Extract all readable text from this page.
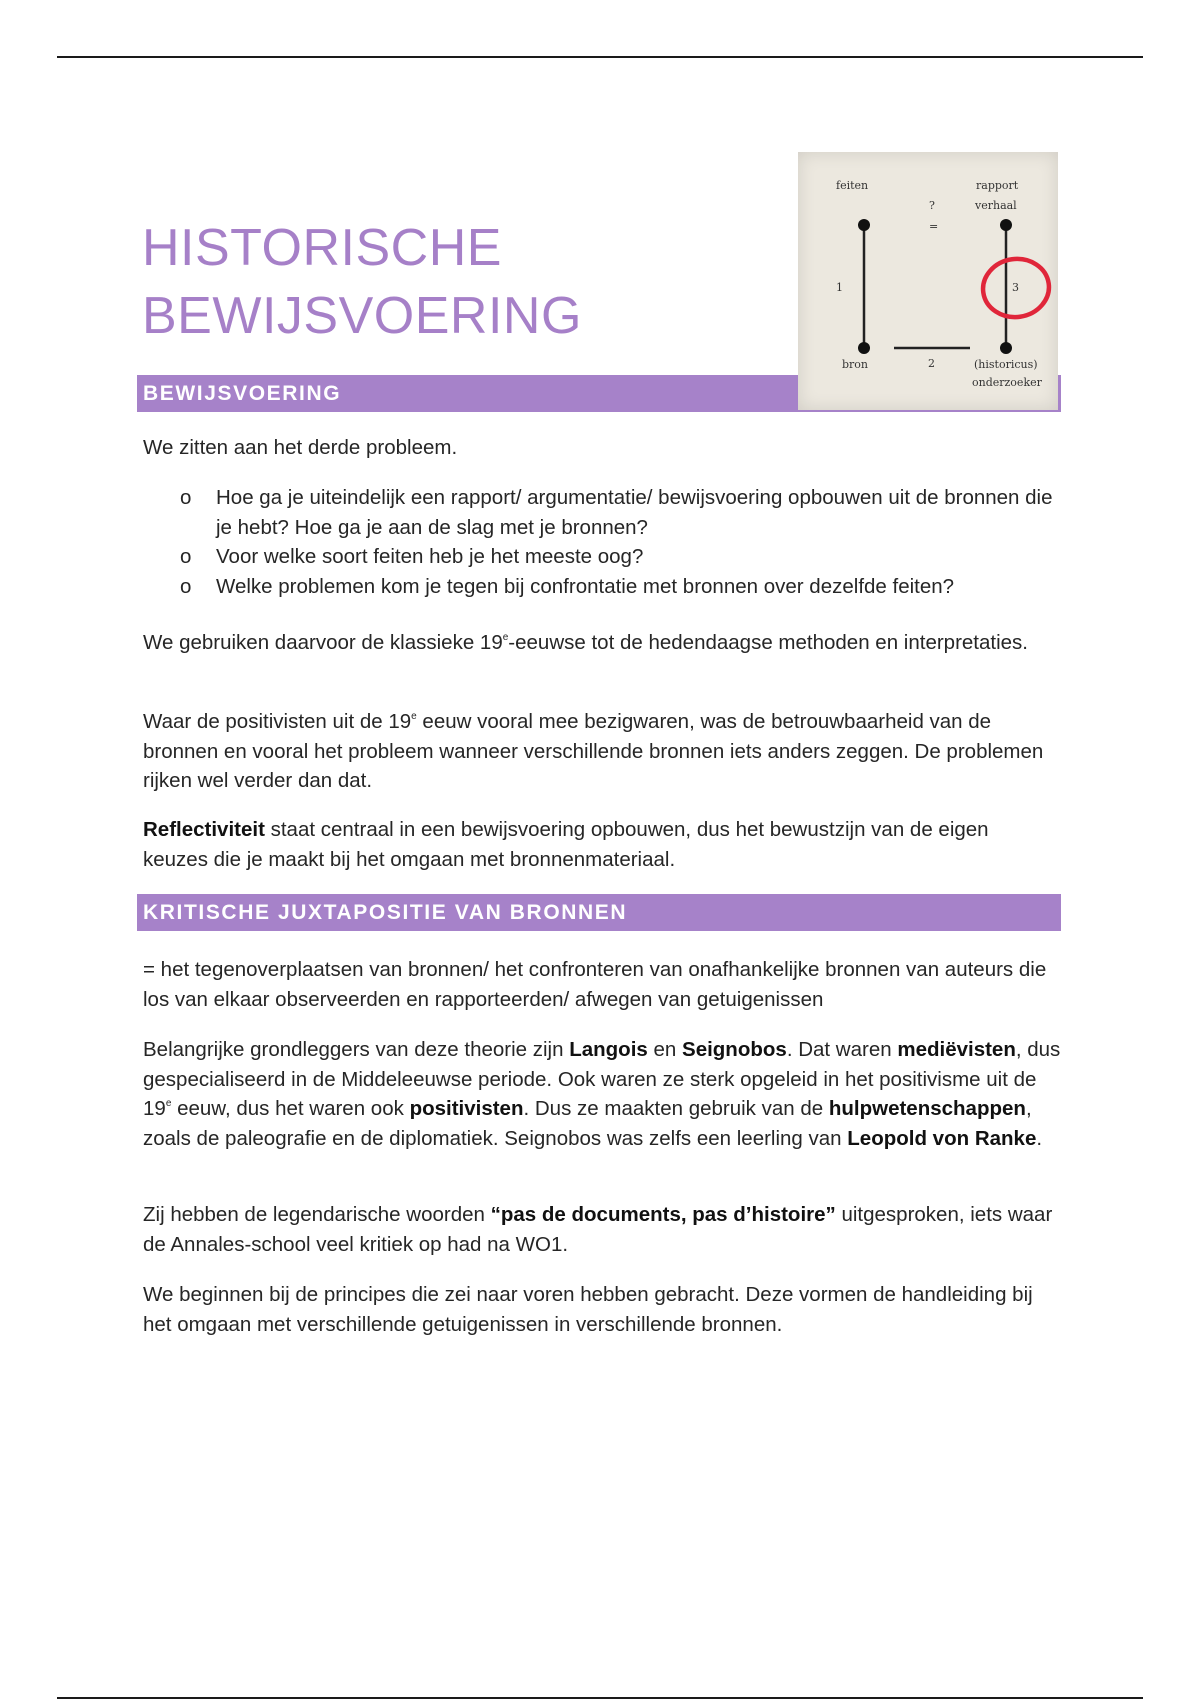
HISTORISCHE
BEWIJSVOERING
BEWIJSVOERING
feiten	rapport
verhaal
?
=
1
2
3
bron	(historicus)
onderzoeker

We zitten aan het derde probleem.

o Hoe ga je uiteindelijk een rapport/ argumentatie/ bewijsvoering opbouwen uit de bronnen die je hebt? Hoe ga je aan de slag met je bronnen?
o Voor welke soort feiten heb je het meeste oog?
o Welke problemen kom je tegen bij confrontatie met bronnen over dezelfde feiten?

We gebruiken daarvoor de klassieke 19e-eeuwse tot de hedendaagse methoden en interpretaties.

Waar de positivisten uit de 19e eeuw vooral mee bezigwaren, was de betrouwbaarheid van de bronnen en vooral het probleem wanneer verschillende bronnen iets anders zeggen. De problemen rijken wel verder dan dat.

Reflectiviteit staat centraal in een bewijsvoering opbouwen, dus het bewustzijn van de eigen keuzes die je maakt bij het omgaan met bronnenmateriaal.

KRITISCHE JUXTAPOSITIE VAN BRONNEN

= het tegenoverplaatsen van bronnen/ het confronteren van onafhankelijke bronnen van auteurs die los van elkaar observeerden en rapporteerden/ afwegen van getuigenissen

Belangrijke grondleggers van deze theorie zijn Langois en Seignobos. Dat waren mediëvisten, dus gespecialiseerd in de Middeleeuwse periode. Ook waren ze sterk opgeleid in het positivisme uit de 19e eeuw, dus het waren ook positivisten. Dus ze maakten gebruik van de hulpwetenschappen, zoals de paleografie en de diplomatiek. Seignobos was zelfs een leerling van Leopold von Ranke.

Zij hebben de legendarische woorden “pas de documents, pas d’histoire” uitgesproken, iets waar de Annales-school veel kritiek op had na WO1.

We beginnen bij de principes die zei naar voren hebben gebracht. Deze vormen de handleiding bij het omgaan met verschillende getuigenissen in verschillende bronnen.
